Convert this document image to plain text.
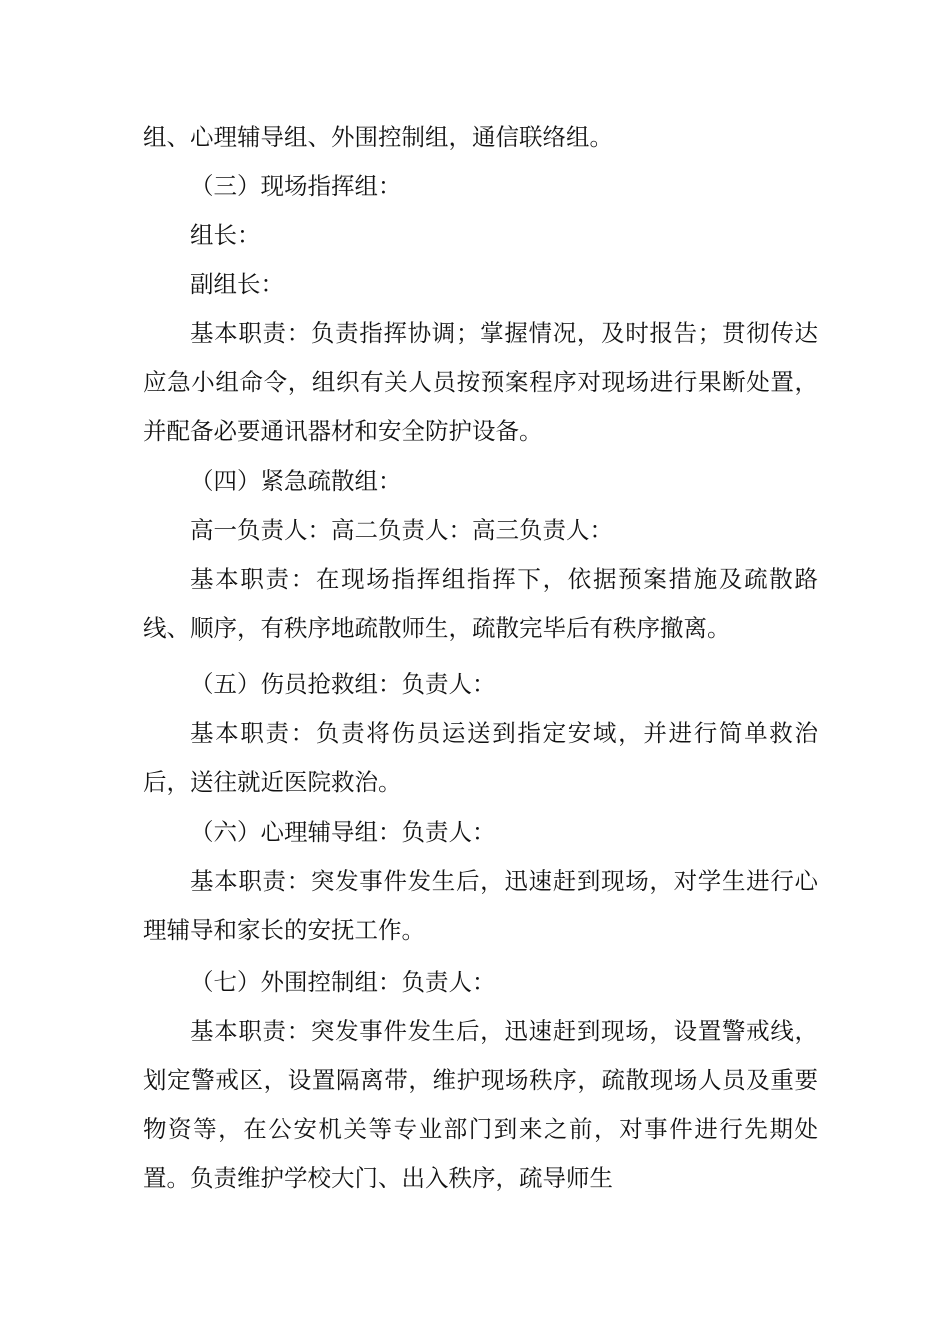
组、心理辅导组、外围控制组，通信联络组。
（三）现场指挥组：
组长：
副组长：
基本职责：负责指挥协调；掌握情况，及时报告；贯彻传达
应急小组命令，组织有关人员按预案程序对现场进行果断处置，
并配备必要通讯器材和安全防护设备。
（四）紧急疏散组：
高一负责人：高二负责人：高三负责人：
基本职责：在现场指挥组指挥下，依据预案措施及疏散路
线、顺序，有秩序地疏散师生，疏散完毕后有秩序撤离。
（五）伤员抢救组：负责人：
基本职责：负责将伤员运送到指定安域，并进行简单救治
后，送往就近医院救治。
（六）心理辅导组：负责人：
基本职责：突发事件发生后，迅速赶到现场，对学生进行心
理辅导和家长的安抚工作。
（七）外围控制组：负责人：
基本职责：突发事件发生后，迅速赶到现场，设置警戒线，
划定警戒区，设置隔离带，维护现场秩序，疏散现场人员及重要
物资等，在公安机关等专业部门到来之前，对事件进行先期处
置。负责维护学校大门、出入秩序，疏导师生
